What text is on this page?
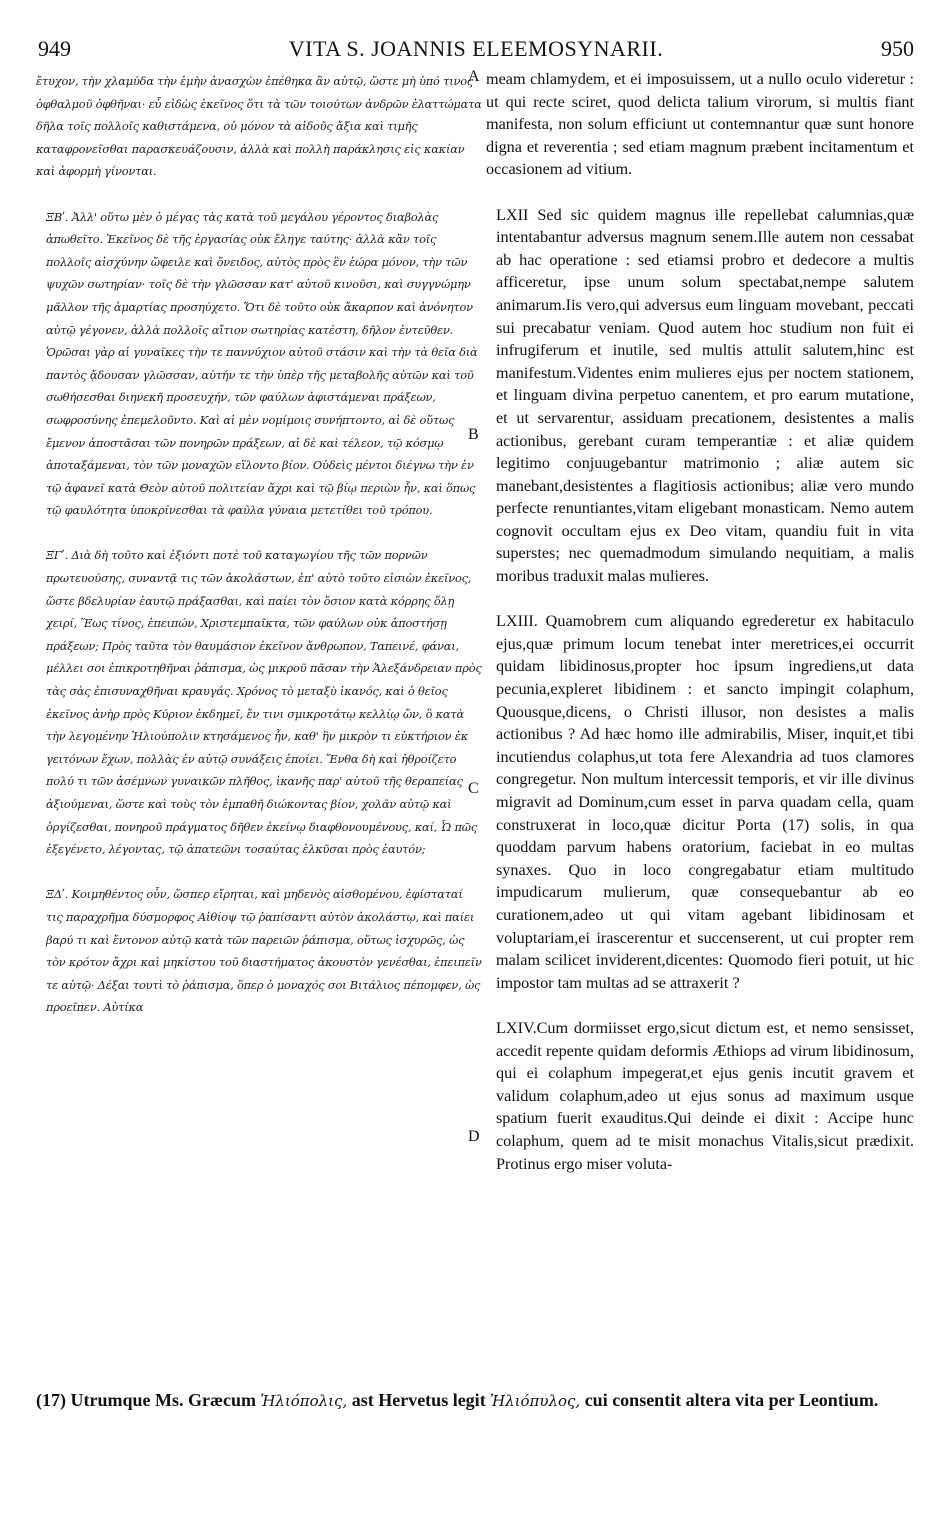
949	VITA S. JOANNIS ELEEMOSYNARII.	950

ἔτυχον, τὴν χλαμύδα τὴν ἐμὴν ἀνασχὼν ἐπέθηκα ἂν αὐτῷ, ὥστε μὴ ὑπό τινος ὀφθαλμοῦ ὀφθῆναι· εὖ εἰδὼς ἐκεῖνος ὅτι τὰ τῶν τοιούτων ἀνδρῶν ἐλαττώματα δῆλα τοῖς πολλοῖς καθιστάμενα, οὐ μόνον τὰ αἰδοῦς ἄξια καὶ τιμῆς καταφρονεῖσθαι παρασκευάζουσιν, ἀλλὰ καὶ πολλὴ παράκλησις εἰς κακίαν καὶ ἀφορμὴ γίνονται.

ΞΒʹ. Ἀλλ' οὕτω μὲν ὁ μέγας τὰς κατὰ τοῦ μεγάλου γέροντος διαβολὰς ἀπωθεῖτο. Ἐκεῖνος δὲ τῆς ἐργασίας οὐκ ἔληγε ταύτης· ἀλλὰ κἂν τοῖς πολλοῖς αἰσχύνην ὤφειλε καὶ ὄνειδος, αὐτὸς πρὸς ἓν ἑώρα μόνον, τὴν τῶν ψυχῶν σωτηρίαν· τοῖς δὲ τὴν γλῶσσαν κατ' αὐτοῦ κινοῦσι, καὶ συγγνώμην μᾶλλον τῆς ἁμαρτίας προσηύχετο. Ὅτι δὲ τοῦτο οὐκ ἄκαρπον καὶ ἀνόνητον αὐτῷ γέγονεν, ἀλλὰ πολλοῖς αἴτιον σωτηρίας κατέστη, δῆλον ἐντεῦθεν. Ὁρῶσαι γὰρ αἱ γυναῖκες τὴν τε παννύχιον αὐτοῦ στάσιν καὶ τὴν τὰ θεῖα διὰ παντὸς ᾄδουσαν γλῶσσαν, αὐτήν τε τὴν ὑπὲρ τῆς μεταβολῆς αὐτῶν καὶ τοῦ σωθήσεσθαι διηνεκῆ προσευχήν, τῶν φαύλων ἀφιστάμεναι πράξεων, σωφροσύνης ἐπεμελοῦντο. Καὶ αἱ μὲν νομίμοις συνήπτοντο, αἱ δὲ οὕτως ἔμενον ἀποστᾶσαι τῶν πονηρῶν πράξεων, αἱ δὲ καὶ τέλεον, τῷ κόσμῳ ἀποταξάμεναι, τὸν τῶν μοναχῶν εἵλοντο βίον. Οὐδεὶς μέντοι διέγνω τὴν ἐν τῷ ἀφανεῖ κατὰ Θεὸν αὐτοῦ πολιτείαν ἄχρι καὶ τῷ βίῳ περιὼν ἦν, καὶ ὅπως τῷ φαυλότητα ὑποκρίνεσθαι τὰ φαῦλα γύναια μετετίθει τοῦ τρόπου.

ΞΓʹ. Διὰ δὴ τοῦτο καὶ ἐξιόντι ποτὲ τοῦ καταγωγίου τῆς τῶν πορνῶν πρωτευούσης, συναντᾷ τις τῶν ἀκολάστων, ἐπ' αὐτὸ τοῦτο εἰσιὼν ἐκεῖνος, ὥστε βδελυρίαν ἑαυτῷ πράξασθαι, καὶ παίει τὸν ὅσιον κατὰ κόρρης ὅλῃ χειρί, Ἕως τίνος, ἐπειπών, Χριστεμπαῖκτα, τῶν φαύλων οὐκ ἀποστήσῃ πράξεων; Πρὸς ταῦτα τὸν θαυμάσιον ἐκεῖνον ἄνθρωπον, Ταπεινέ, φάναι, μέλλει σοι ἐπικροτηθῆναι ῥάπισμα, ὡς μικροῦ πᾶσαν τὴν Ἀλεξάνδρειαν πρὸς τὰς σὰς ἐπισυναχθῆναι κραυγάς. Χρόνος τὸ μεταξὺ ἱκανός, καὶ ὁ θεῖος ἐκεῖνος ἀνὴρ πρὸς Κύριον ἐκδημεῖ, ἔν τινι σμικροτάτῳ κελλίῳ ὤν, ὃ κατὰ τὴν λεγομένην Ἠλιούπολιν κτησάμενος ἦν, καθ' ἣν μικρὸν τι εὐκτήριον ἐκ γειτόνων ἔχων, πολλὰς ἐν αὐτῷ συνάξεις ἐποίει. Ἔνθα δὴ καὶ ἠθροίζετο πολύ τι τῶν ἀσέμνων γυναικῶν πλῆθος, ἱκανῆς παρ' αὐτοῦ τῆς θεραπείας ἀξιούμεναι, ὥστε καὶ τοὺς τὸν ἐμπαθῆ διώκοντας βίον, χολᾶν αὐτῷ καὶ ὀργίζεσθαι, πονηροῦ πράγματος δῆθεν ἐκείνῳ διαφθονουμένους, καί, Ὦ πῶς ἐξεγένετο, λέγοντας, τῷ ἀπατεῶνι τοσαύτας ἑλκῦσαι πρὸς ἑαυτόν;

ΞΔʹ. Κοιμηθέντος οὖν, ὥσπερ εἴρηται, καὶ μηδενὸς αἰσθομένου, ἐφίσταταί τις παραχρῆμα δύσμορφος Αἰθίοψ τῷ ῥαπίσαντι αὐτὸν ἀκολάστῳ, καὶ παίει βαρύ τι καὶ ἔντονον αὐτῷ κατὰ τῶν παρειῶν ῥάπισμα, οὕτως ἰσχυρῶς, ὡς τὸν κρότον ἄχρι καὶ μηκίστου τοῦ διαστήματος ἀκουστὸν γενέσθαι, ἐπειπεῖν τε αὐτῷ· Δέξαι τουτὶ τὸ ῥάπισμα, ὅπερ ὁ μοναχός σοι Βιτάλιος πέπομφεν, ὡς προεῖπεν. Αὐτίκα

A
B
C
D

meam chlamydem, et ei imposuissem, ut a nullo oculo videretur : ut qui recte sciret, quod delicta talium virorum, si multis fiant manifesta, non solum efficiunt ut contemnantur quæ sunt honore digna et reverentia ; sed etiam magnum præbent incitamentum et occasionem ad vitium.

LXII Sed sic quidem magnus ille repellebat calumnias,quæ intentabantur adversus magnum senem.Ille autem non cessabat ab hac operatione : sed etiamsi probro et dedecore a multis afficeretur, ipse unum solum spectabat,nempe salutem animarum.Iis vero,qui adversus eum linguam movebant, peccati sui precabatur veniam. Quod autem hoc studium non fuit ei infrugiferum et inutile, sed multis attulit salutem,hinc est manifestum.Videntes enim mulieres ejus per noctem stationem, et linguam divina perpetuo canentem, et pro earum mutatione, et ut servarentur, assiduam precationem, desistentes a malis actionibus, gerebant curam temperantiæ : et aliæ quidem legitimo conjuugebantur matrimonio ; aliæ autem sic manebant,desistentes a flagitiosis actionibus; aliæ vero mundo perfecte renuntiantes,vitam eligebant monasticam. Nemo autem cognovit occultam ejus ex Deo vitam, quandiu fuit in vita superstes; nec quemadmodum simulando nequitiam, a malis moribus traduxit malas mulieres.

LXIII. Quamobrem cum aliquando egrederetur ex habitaculo ejus,quæ primum locum tenebat inter meretrices,ei occurrit quidam libidinosus,propter hoc ipsum ingrediens,ut data pecunia,expleret libidinem : et sancto impingit colaphum, Quousque,dicens, o Christi illusor, non desistes a malis actionibus ? Ad hæc homo ille admirabilis, Miser, inquit,et tibi incutiendus colaphus,ut tota fere Alexandria ad tuos clamores congregetur. Non multum intercessit temporis, et vir ille divinus migravit ad Dominum,cum esset in parva quadam cella, quam construxerat in loco,quæ dicitur Porta (17) solis, in qua quoddam parvum habens oratorium, faciebat in eo multas synaxes. Quo in loco congregabatur etiam multitudo impudicarum mulierum, quæ consequebantur ab eo curationem,adeo ut qui vitam agebant libidinosam et voluptariam,ei irascerentur et succenserent, ut cui propter rem malam scilicet inviderent,dicentes: Quomodo fieri potuit, ut hic impostor tam multas ad se attraxerit ?

LXIV.Cum dormiisset ergo,sicut dictum est, et nemo sensisset, accedit repente quidam deformis Æthiops ad virum libidinosum, qui ei colaphum impegerat,et ejus genis incutit gravem et validum colaphum,adeo ut ejus sonus ad maximum usque spatium fuerit exauditus.Qui deinde ei dixit : Accipe hunc colaphum, quem ad te misit monachus Vitalis,sicut prædixit. Protinus ergo miser voluta-

(17) Utrumque Ms. Græcum Ἡλιόπολις, ast Hervetus legit Ἡλιόπυλος, cui consentit altera vita per Leontium.
